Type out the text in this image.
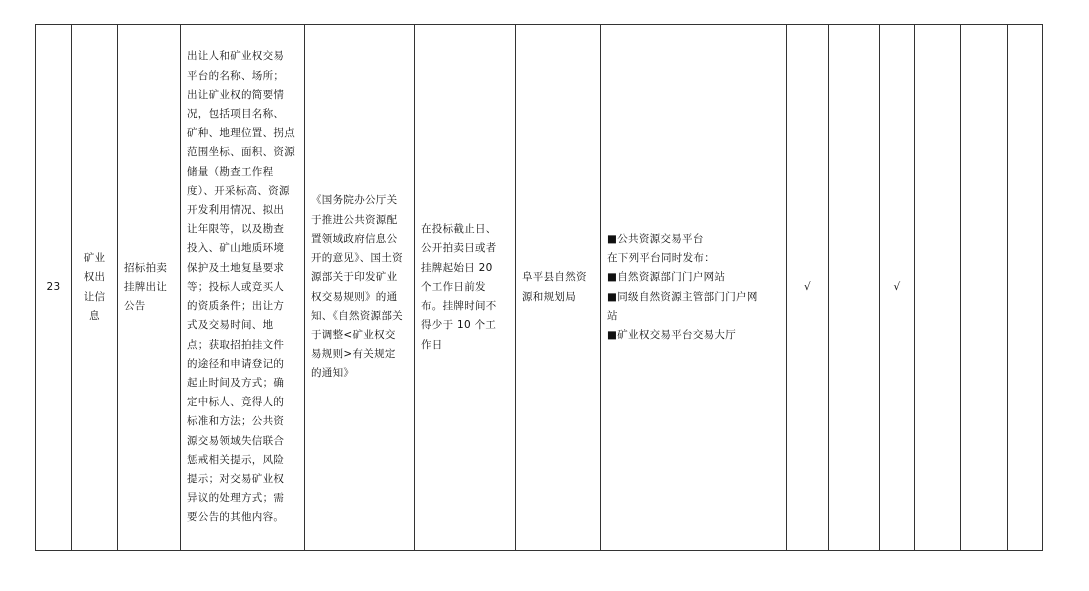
23	矿业
权出
让信
息	招标拍卖
挂牌出让
公告	出让人和矿业权交易
平台的名称、场所；
出让矿业权的简要情
况，包括项目名称、
矿种、地理位置、拐点
范围坐标、面积、资源
储量（勘查工作程
度）、开采标高、资源
开发利用情况、拟出
让年限等，以及勘查
投入、矿山地质环境
保护及土地复垦要求
等；投标人或竞买人
的资质条件；出让方
式及交易时间、地
点；获取招拍挂文件
的途径和申请登记的
起止时间及方式；确
定中标人、竞得人的
标准和方法；公共资
源交易领域失信联合
惩戒相关提示，风险
提示；对交易矿业权
异议的处理方式；需
要公告的其他内容。	《国务院办公厅关
于推进公共资源配
置领域政府信息公
开的意见》、国土资
源部关于印发矿业
权交易规则》的通
知、《自然资源部关
于调整<矿业权交
易规则>有关规定
的通知》	在投标截止日、
公开拍卖日或者
挂牌起始日 20
个工作日前发
布。挂牌时间不
得少于 10 个工
作日	阜平县自然资
源和规划局	■公共资源交易平台
在下列平台同时发布：
■自然资源部门门户网站
■同级自然资源主管部门门户网
站
■矿业权交易平台交易大厅	√		√			
